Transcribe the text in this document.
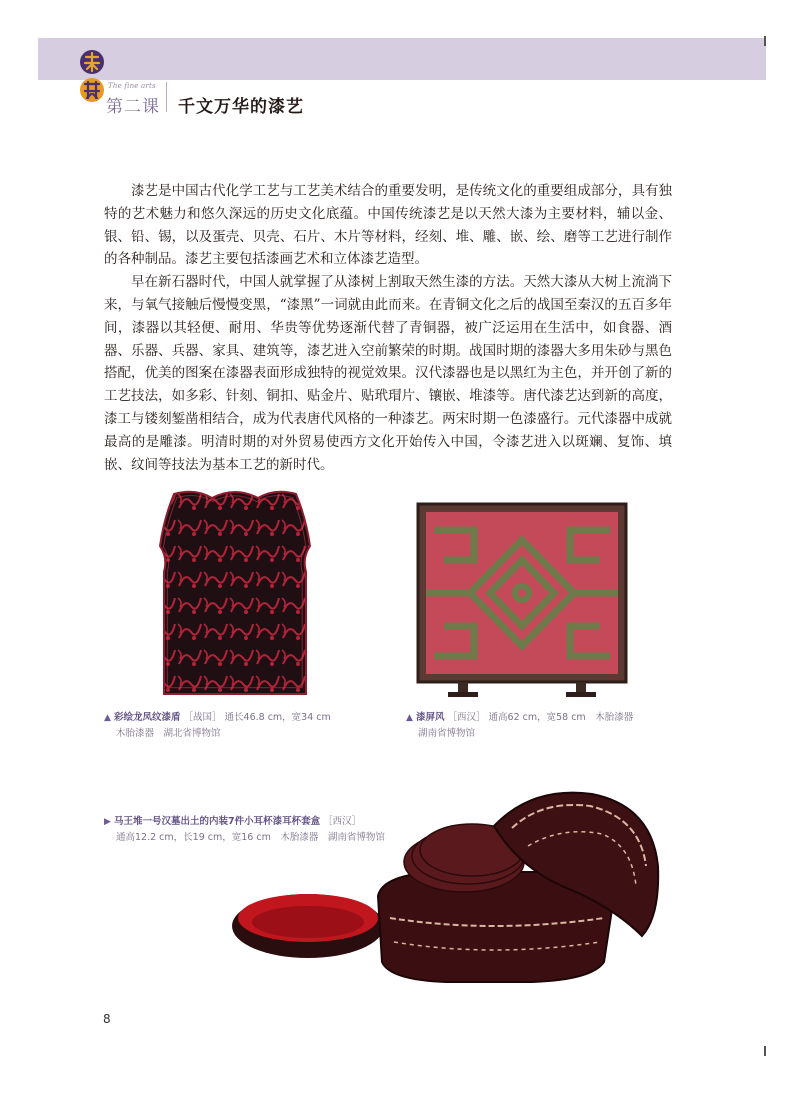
The fine arts
第二课 千文万华的漆艺

漆艺是中国古代化学工艺与工艺美术结合的重要发明，是传统文化的重要组成部分，具有独特的艺术魅力和悠久深远的历史文化底蕴。中国传统漆艺是以天然大漆为主要材料，辅以金、银、铅、锡，以及蛋壳、贝壳、石片、木片等材料，经刻、堆、雕、嵌、绘、磨等工艺进行制作的各种制品。漆艺主要包括漆画艺术和立体漆艺造型。

早在新石器时代，中国人就掌握了从漆树上割取天然生漆的方法。天然大漆从大树上流淌下来，与氧气接触后慢慢变黑，“漆黑”一词就由此而来。在青铜文化之后的战国至秦汉的五百多年间，漆器以其轻便、耐用、华贵等优势逐渐代替了青铜器，被广泛运用在生活中，如食器、酒器、乐器、兵器、家具、建筑等，漆艺进入空前繁荣的时期。战国时期的漆器大多用朱砂与黑色搭配，优美的图案在漆器表面形成独特的视觉效果。汉代漆器也是以黑红为主色，并开创了新的工艺技法，如多彩、针刻、铜扣、贴金片、贴玳瑁片、镶嵌、堆漆等。唐代漆艺达到新的高度，漆工与镂刻錾凿相结合，成为代表唐代风格的一种漆艺。两宋时期一色漆盛行。元代漆器中成就最高的是雕漆。明清时期的对外贸易使西方文化开始传入中国，令漆艺进入以斑斓、复饰、填嵌、纹间等技法为基本工艺的新时代。

▲ 彩绘龙凤纹漆盾 ［战国］ 通长46.8 cm，宽34 cm
木胎漆器　湖北省博物馆
▲ 漆屏风 ［西汉］ 通高62 cm，宽58 cm　木胎漆器
湖南省博物馆
▶ 马王堆一号汉墓出土的内装7件小耳杯漆耳杯套盒 ［西汉］
通高12.2 cm，长19 cm，宽16 cm　木胎漆器　湖南省博物馆
8
